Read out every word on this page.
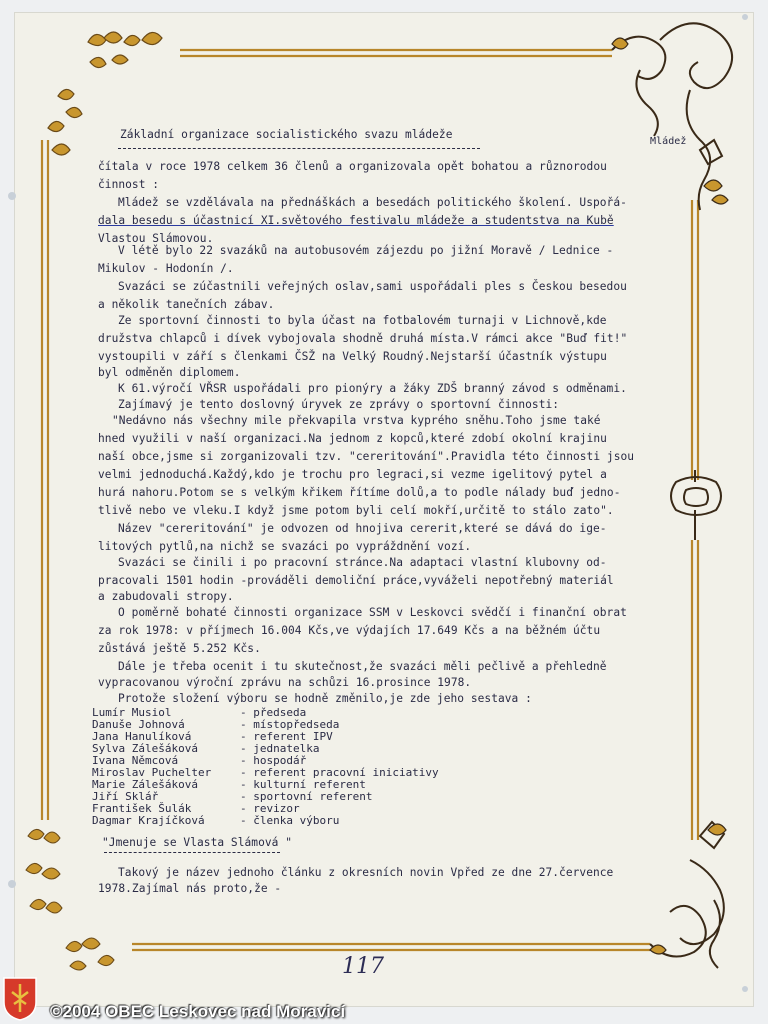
Základní organizace socialistického svazu mládeže
Mládež
čítala v roce 1978 celkem 36 členů a organizovala opět bohatou a různorodou
činnost :
Mládež se vzdělávala na přednáškách a besedách politického školení. Uspořá-
dala besedu s účastnicí XI.světového festivalu mládeže a studentstva na Kubě
Vlastou Slámovou.
V létě bylo 22 svazáků na autobusovém zájezdu po jižní Moravě / Lednice -
Mikulov - Hodonín /.
Svazáci se zúčastnili veřejných oslav,sami uspořádali ples s Českou besedou
a několik tanečních zábav.
Ze sportovní činnosti to byla účast na fotbalovém turnaji v Lichnově,kde
družstva chlapců i dívek vybojovala shodně druhá místa.V rámci akce "Buď fit!"
vystoupili v září s členkami ČSŽ na Velký Roudný.Nejstarší účastník výstupu
byl odměněn diplomem.
K 61.výročí VŘSR uspořádali pro pionýry a žáky ZDŠ branný závod s odměnami.
Zajímavý je tento doslovný úryvek ze zprávy o sportovní činnosti:
"Nedávno nás všechny mile překvapila vrstva kyprého sněhu.Toho jsme také
hned využili v naší organizaci.Na jednom z kopců,které zdobí okolní krajinu
naší obce,jsme si zorganizovali tzv. "cereritování".Pravidla této činnosti jsou
velmi jednoduchá.Každý,kdo je trochu pro legraci,si vezme igelitový pytel a
hurá nahoru.Potom se s velkým křikem řítíme dolů,a to podle nálady buď jedno-
tlivě nebo ve vleku.I když jsme potom byli celí mokří,určitě to stálo zato".
Název "cereritování" je odvozen od hnojiva cererit,které se dává do ige-
litových pytlů,na nichž se svazáci po vypráždnění vozí.
Svazáci se činili i po pracovní stránce.Na adaptaci vlastní klubovny od-
pracovali 1501 hodin -prováděli demoliční práce,vyváželi nepotřebný materiál
a zabudovali stropy.
O poměrně bohaté činnosti organizace SSM v Leskovci svědčí i finanční obrat
za rok 1978: v příjmech 16.004 Kčs,ve výdajích 17.649 Kčs a na běžném účtu
zůstává ještě 5.252 Kčs.
Dále je třeba ocenit i tu skutečnost,že svazáci měli pečlivě a přehledně
vypracovanou výroční zprávu na schůzi 16.prosince 1978.
Protože složení výboru se hodně změnilo,je zde jeho sestava :
Lumír Musiol	- předseda
Danuše Johnová	- místopředseda
Jana Hanulíková	- referent IPV
Sylva Zálešáková	- jednatelka
Ivana Němcová	- hospodář
Miroslav Puchelter	- referent pracovní iniciativy
Marie Zálešáková	- kulturní referent
Jiří Sklář	- sportovní referent
František Šulák	- revizor
Dagmar Krajíčková	- členka výboru
"Jmenuje se Vlasta Slámová "
Takový je název jednoho článku z okresních novin Vpřed ze dne 27.července
1978.Zajímal nás proto,že -
117
©2004 OBEC Leskovec nad Moravicí
